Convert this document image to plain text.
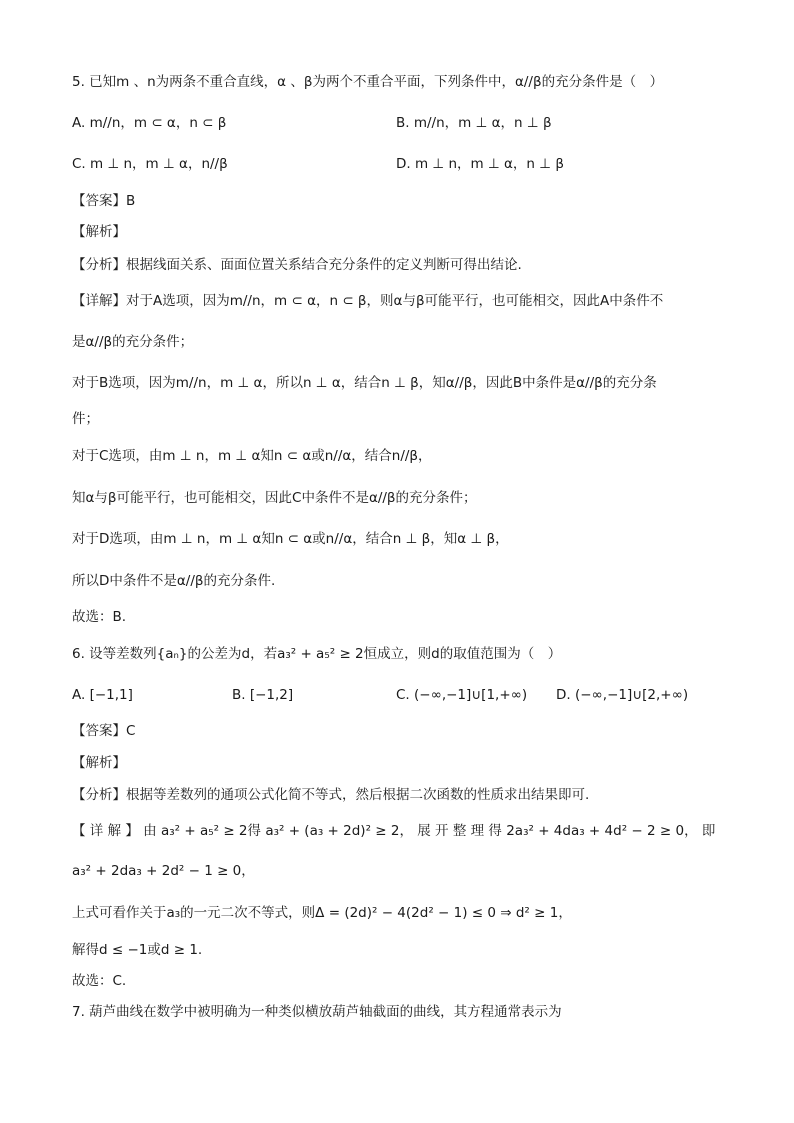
5. 已知m 、n为两条不重合直线，α 、β为两个不重合平面，下列条件中，α//β的充分条件是（　）
A. m//n，m ⊂ α，n ⊂ β	B. m//n，m ⊥ α，n ⊥ β
C. m ⊥ n，m ⊥ α，n//β	D. m ⊥ n，m ⊥ α，n ⊥ β
【答案】B
【解析】
【分析】根据线面关系、面面位置关系结合充分条件的定义判断可得出结论.
【详解】对于A选项，因为m//n，m ⊂ α，n ⊂ β，则α与β可能平行，也可能相交，因此A中条件不
是α//β的充分条件；
对于B选项，因为m//n，m ⊥ α，所以n ⊥ α，结合n ⊥ β，知α//β，因此B中条件是α//β的充分条
件；
对于C选项，由m ⊥ n，m ⊥ α知n ⊂ α或n//α，结合n//β，
知α与β可能平行，也可能相交，因此C中条件不是α//β的充分条件；
对于D选项，由m ⊥ n，m ⊥ α知n ⊂ α或n//α，结合n ⊥ β，知α ⊥ β，
所以D中条件不是α//β的充分条件.
故选：B.
6. 设等差数列{aₙ}的公差为d，若a₃² + a₅² ≥ 2恒成立，则d的取值范围为（　）
A. [−1,1]	B. [−1,2]	C. (−∞,−1]∪[1,+∞) D. (−∞,−1]∪[2,+∞)
【答案】C
【解析】
【分析】根据等差数列的通项公式化简不等式，然后根据二次函数的性质求出结果即可.
【 详 解 】 由 a₃² + a₅² ≥ 2得 a₃² + (a₃ + 2d)² ≥ 2， 展 开 整 理 得 2a₃² + 4da₃ + 4d² − 2 ≥ 0， 即
a₃² + 2da₃ + 2d² − 1 ≥ 0，
上式可看作关于a₃的一元二次不等式，则Δ = (2d)² − 4(2d² − 1) ≤ 0 ⇒ d² ≥ 1，
解得d ≤ −1或d ≥ 1.
故选：C.
7. 葫芦曲线在数学中被明确为一种类似横放葫芦轴截面的曲线，其方程通常表示为
